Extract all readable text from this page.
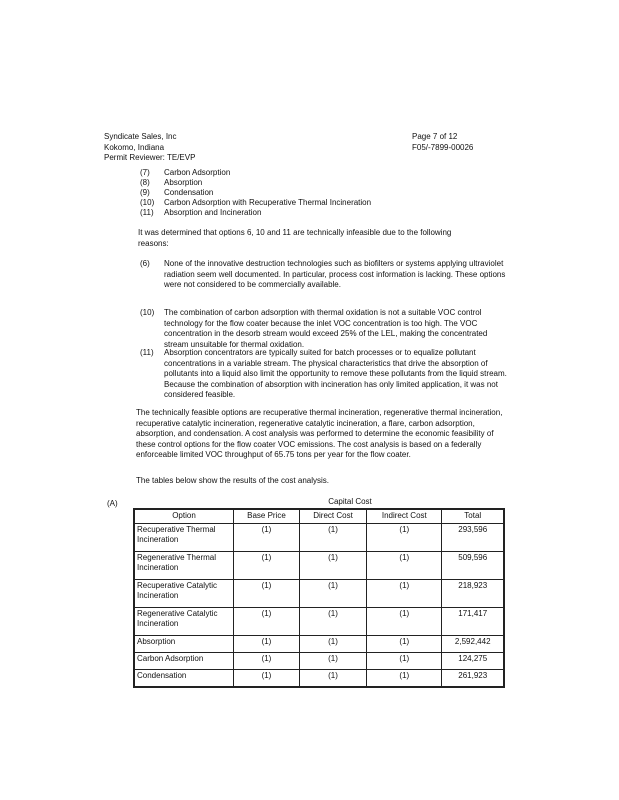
Syndicate Sales, Inc
Kokomo, Indiana
Permit Reviewer: TE/EVP
Page 7 of 12
F05/-7899-00026
(7)	Carbon Adsorption
(8)	Absorption
(9)	Condensation
(10)	Carbon Adsorption with Recuperative Thermal Incineration
(11)	Absorption and Incineration

It was determined that options 6, 10 and 11 are technically infeasible due to the following reasons:

(6) None of the innovative destruction technologies such as biofilters or systems applying ultraviolet radiation seem well documented. In particular, process cost information is lacking. These options were not considered to be commercially available.
(10) The combination of carbon adsorption with thermal oxidation is not a suitable VOC control technology for the flow coater because the inlet VOC concentration is too high. The VOC concentration in the desorb stream would exceed 25% of the LEL, making the concentrated stream unsuitable for thermal oxidation.
(11) Absorption concentrators are typically suited for batch processes or to equalize pollutant concentrations in a variable stream. The physical characteristics that drive the absorption of pollutants into a liquid also limit the opportunity to remove these pollutants from the liquid stream. Because the combination of absorption with incineration has only limited application, it was not considered feasible.

The technically feasible options are recuperative thermal incineration, regenerative thermal incineration, recuperative catalytic incineration, regenerative catalytic incineration, a flare, carbon adsorption, absorption, and condensation. A cost analysis was performed to determine the economic feasibility of these control options for the flow coater VOC emissions. The cost analysis is based on a federally enforceable limited VOC throughput of 65.75 tons per year for the flow coater.

The tables below show the results of the cost analysis.

(A)	Capital Cost
Option	Base Price	Direct Cost	Indirect Cost	Total
Recuperative Thermal Incineration	(1)	(1)	(1)	293,596
Regenerative Thermal Incineration	(1)	(1)	(1)	509,596
Recuperative Catalytic Incineration	(1)	(1)	(1)	218,923
Regenerative Catalytic Incineration	(1)	(1)	(1)	171,417
Absorption	(1)	(1)	(1)	2,592,442
Carbon Adsorption	(1)	(1)	(1)	124,275
Condensation	(1)	(1)	(1)	261,923
